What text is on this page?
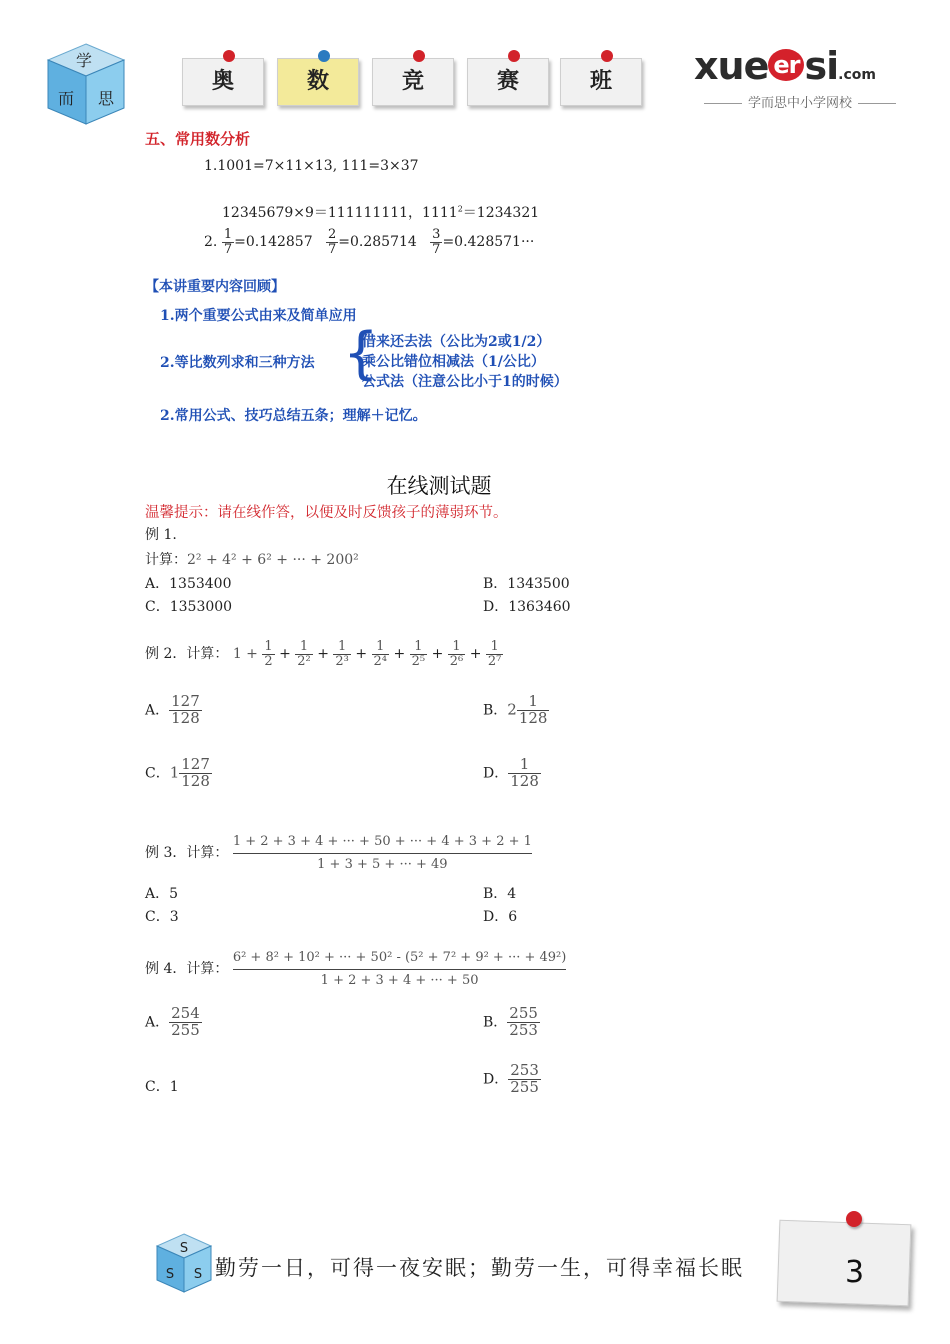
学
而 思
奥	数	竞	赛	班	xue er si.com
学而思中小学网校
五、常用数分析
1.1001=7×11×13, 111=3×37
12345679×9＝111111111，$1111^2=1234321$
2. $\frac{1}{7} =0.142857 \frac{2}{7} =0.285714 \frac{3}{7} =0.428571\cdot\cdot\cdot$
【本讲重要内容回顾】
1.两个重要公式由来及简单应用
2.等比数列求和三种方法 {
借来还去法（公比为2或1/2）
乘公比错位相减法（1/公比）
公式法（注意公比小于1的时候）
2.常用公式、技巧总结五条；理解＋记忆。
在线测试题
温馨提示：请在线作答，以便及时反馈孩子的薄弱环节。
例 1.
计算：2² + 4² + 6² + ··· + 200²
A．1353400	B．1343500
C．1353000	D．1363460
例 2．计算： $1 + \frac{1}{2} + \frac{1}{\text{2²}} + \frac{1}{\text{2³}} + \frac{1}{\text{2⁴}} + \frac{1}{\text{2⁵}} + \frac{1}{\text{2⁶}} + \frac{1}{\text{2⁷}}$
A． $\frac{127}{128}$	B．$2 \frac{1}{128}$
C．$1 \frac{127}{128}$	D． $\frac{1}{128}$
例 3．计算： $\frac{1 + 2 + 3 + 4 + \cdot\cdot\cdot + 50 + \cdot\cdot\cdot + 4 + 3 + 2 + 1}{1 + 3 + 5 + \cdot\cdot\cdot + 49}$
A．5	B．4
C．3	D．6
例 4．计算： $\frac{\text{6² + 8² + 10² + ··· + 50² - (5² + 7² + 9² + ··· + 49²)}}{1 + 2 + 3 + 4 + \cdot\cdot\cdot + 50}$
A． $\frac{254}{255}$	B． $\frac{255}{253}$
C．1	D． $\frac{253}{255}$
S
S S 勤劳一日，可得一夜安眠；勤劳一生，可得幸福长眠	3
